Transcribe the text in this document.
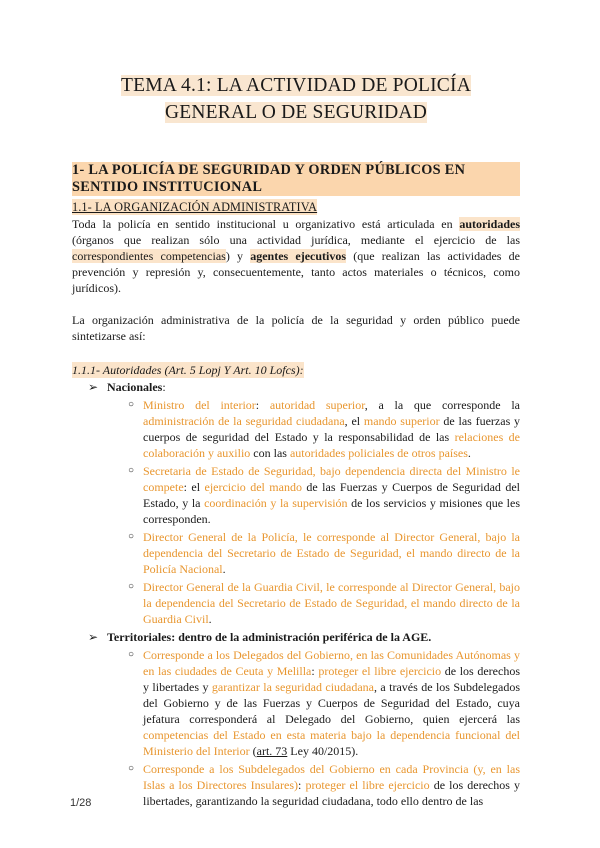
TEMA 4.1: LA ACTIVIDAD DE POLICÍA
GENERAL O DE SEGURIDAD
1- LA POLICÍA DE SEGURIDAD Y ORDEN PÚBLICOS EN SENTIDO INSTITUCIONAL
1.1- LA ORGANIZACIÓN ADMINISTRATIVA

Toda la policía en sentido institucional u organizativo está articulada en autoridades (órganos que realizan sólo una actividad jurídica, mediante el ejercicio de las correspondientes competencias) y agentes ejecutivos (que realizan las actividades de prevención y represión y, consecuentemente, tanto actos materiales o técnicos, como jurídicos).

La organización administrativa de la policía de la seguridad y orden público puede sintetizarse así:

1.1.1- Autoridades (Art. 5 Lopj Y Art. 10 Lofcs):
➢ Nacionales:
○ Ministro del interior: autoridad superior, a la que corresponde la administración de la seguridad ciudadana, el mando superior de las fuerzas y cuerpos de seguridad del Estado y la responsabilidad de las relaciones de colaboración y auxilio con las autoridades policiales de otros países.
○ Secretaria de Estado de Seguridad, bajo dependencia directa del Ministro le compete: el ejercicio del mando de las Fuerzas y Cuerpos de Seguridad del Estado, y la coordinación y la supervisión de los servicios y misiones que les corresponden.
○ Director General de la Policía, le corresponde al Director General, bajo la dependencia del Secretario de Estado de Seguridad, el mando directo de la Policía Nacional.
○ Director General de la Guardia Civil, le corresponde al Director General, bajo la dependencia del Secretario de Estado de Seguridad, el mando directo de la Guardia Civil.
➢ Territoriales: dentro de la administración periférica de la AGE.
○ Corresponde a los Delegados del Gobierno, en las Comunidades Autónomas y en las ciudades de Ceuta y Melilla: proteger el libre ejercicio de los derechos y libertades y garantizar la seguridad ciudadana, a través de los Subdelegados del Gobierno y de las Fuerzas y Cuerpos de Seguridad del Estado, cuya jefatura corresponderá al Delegado del Gobierno, quien ejercerá las competencias del Estado en esta materia bajo la dependencia funcional del Ministerio del Interior (art. 73 Ley 40/2015).
○ Corresponde a los Subdelegados del Gobierno en cada Provincia (y, en las Islas a los Directores Insulares): proteger el libre ejercicio de los derechos y libertades, garantizando la seguridad ciudadana, todo ello dentro de las
1/28
